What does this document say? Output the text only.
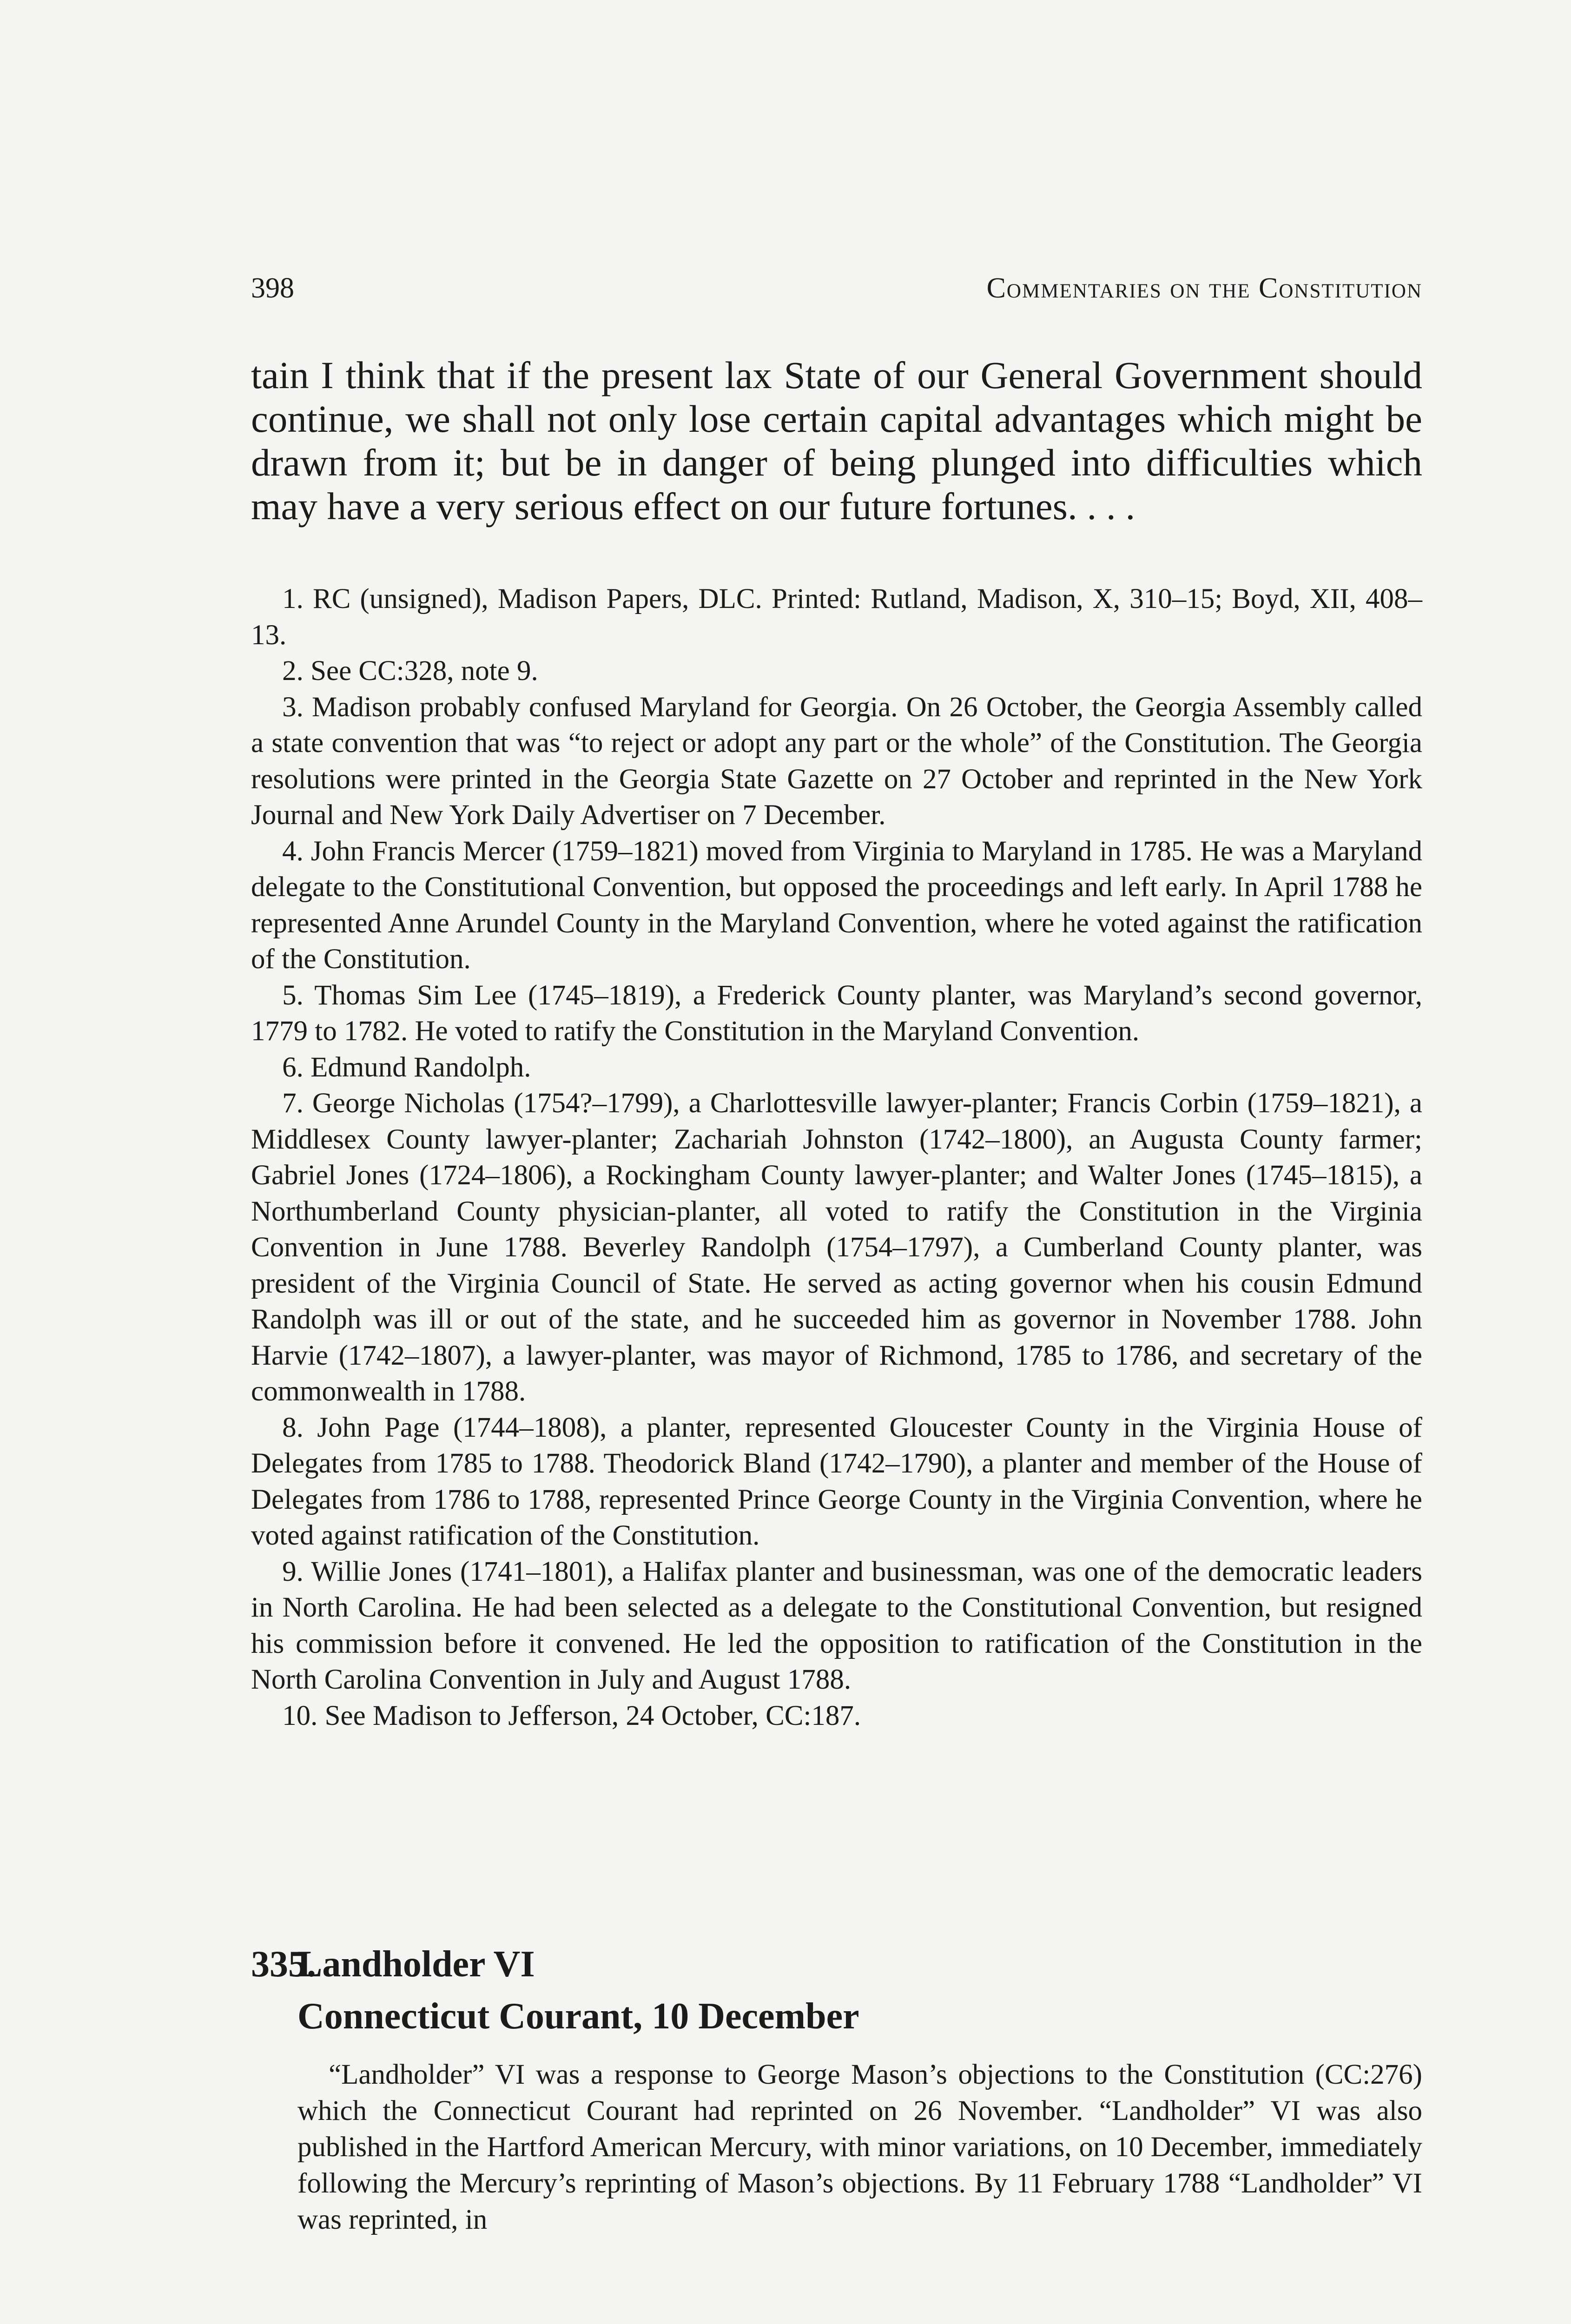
398	Commentaries on the Constitution

tain I think that if the present lax State of our General Government should continue, we shall not only lose certain capital advantages which might be drawn from it; but be in danger of being plunged into difficulties which may have a very serious effect on our future fortunes. . . .

1. RC (unsigned), Madison Papers, DLC. Printed: Rutland, Madison, X, 310–15; Boyd, XII, 408–13.

2. See CC:328, note 9.

3. Madison probably confused Maryland for Georgia. On 26 October, the Georgia Assembly called a state convention that was “to reject or adopt any part or the whole” of the Constitution. The Georgia resolutions were printed in the Georgia State Gazette on 27 October and reprinted in the New York Journal and New York Daily Advertiser on 7 December.

4. John Francis Mercer (1759–1821) moved from Virginia to Maryland in 1785. He was a Maryland delegate to the Constitutional Convention, but opposed the proceedings and left early. In April 1788 he represented Anne Arundel County in the Maryland Convention, where he voted against the ratification of the Constitution.

5. Thomas Sim Lee (1745–1819), a Frederick County planter, was Maryland’s second governor, 1779 to 1782. He voted to ratify the Constitution in the Maryland Convention.

6. Edmund Randolph.

7. George Nicholas (1754?–1799), a Charlottesville lawyer-planter; Francis Corbin (1759–1821), a Middlesex County lawyer-planter; Zachariah Johnston (1742–1800), an Augusta County farmer; Gabriel Jones (1724–1806), a Rockingham County lawyer-planter; and Walter Jones (1745–1815), a Northumberland County physician-planter, all voted to ratify the Constitution in the Virginia Convention in June 1788. Beverley Randolph (1754–1797), a Cumberland County planter, was president of the Virginia Council of State. He served as acting governor when his cousin Edmund Randolph was ill or out of the state, and he succeeded him as governor in November 1788. John Harvie (1742–1807), a lawyer-planter, was mayor of Richmond, 1785 to 1786, and secretary of the commonwealth in 1788.

8. John Page (1744–1808), a planter, represented Gloucester County in the Virginia House of Delegates from 1785 to 1788. Theodorick Bland (1742–1790), a planter and member of the House of Delegates from 1786 to 1788, represented Prince George County in the Virginia Convention, where he voted against ratification of the Constitution.

9. Willie Jones (1741–1801), a Halifax planter and businessman, was one of the democratic leaders in North Carolina. He had been selected as a delegate to the Constitutional Convention, but resigned his commission before it convened. He led the opposition to ratification of the Constitution in the North Carolina Convention in July and August 1788.

10. See Madison to Jefferson, 24 October, CC:187.

335.Landholder VI
Connecticut Courant, 10 December

“Landholder” VI was a response to George Mason’s objections to the Constitution (CC:276) which the Connecticut Courant had reprinted on 26 November. “Landholder” VI was also published in the Hartford American Mercury, with minor variations, on 10 December, immediately following the Mercury’s reprinting of Mason’s objections. By 11 February 1788 “Landholder” VI was reprinted, in
